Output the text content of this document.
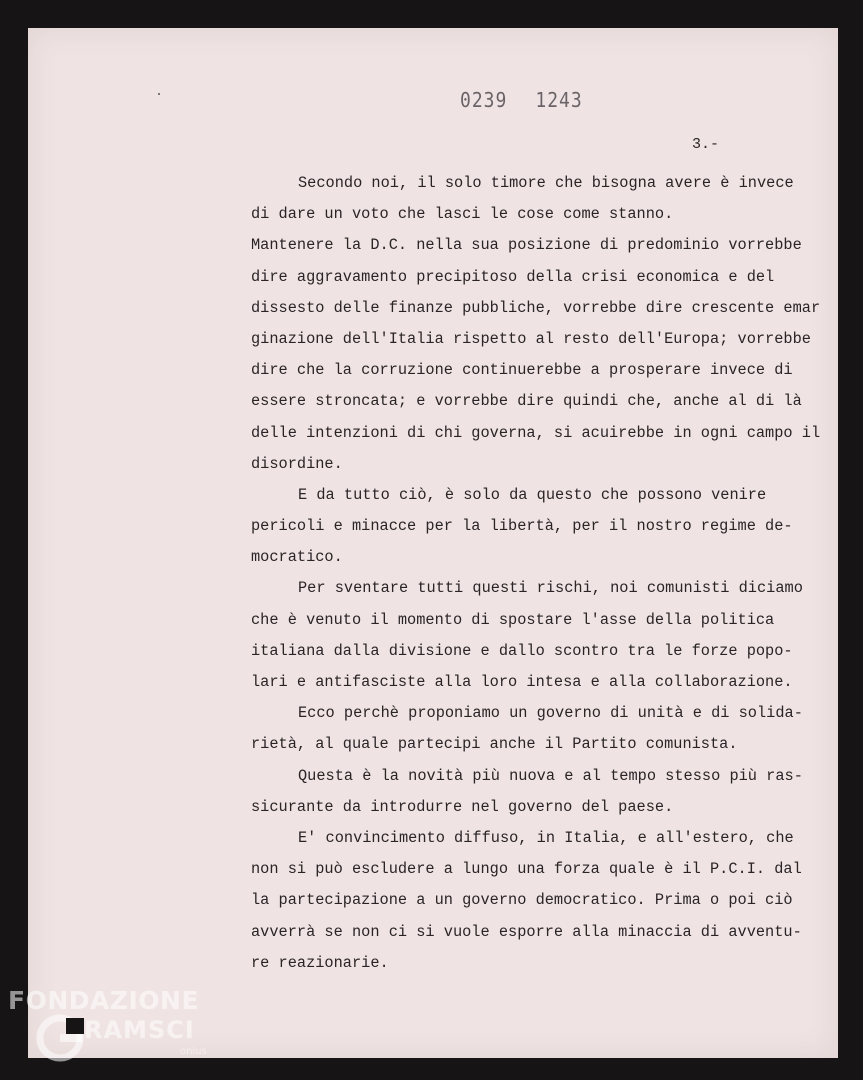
0239 1243
3.-
Secondo noi, il solo timore che bisogna avere è invece
di dare un voto che lasci le cose come stanno.
Mantenere la D.C. nella sua posizione di predominio vorrebbe
dire aggravamento precipitoso della crisi economica e del
dissesto delle finanze pubbliche, vorrebbe dire crescente emar
ginazione dell'Italia rispetto al resto dell'Europa; vorrebbe
dire che la corruzione continuerebbe a prosperare invece di
essere stroncata; e vorrebbe dire quindi che, anche al di là
delle intenzioni di chi governa, si acuirebbe in ogni campo il
disordine.
E da tutto ciò, è solo da questo che possono venire
pericoli e minacce per la libertà, per il nostro regime de-
mocratico.
Per sventare tutti questi rischi, noi comunisti diciamo
che è venuto il momento di spostare l'asse della politica
italiana dalla divisione e dallo scontro tra le forze popo-
lari e antifasciste alla loro intesa e alla collaborazione.
Ecco perchè proponiamo un governo di unità e di solida-
rietà, al quale partecipi anche il Partito comunista.
Questa è la novità più nuova e al tempo stesso più ras-
sicurante da introdurre nel governo del paese.
E' convincimento diffuso, in Italia, e all'estero, che
non si può escludere a lungo una forza quale è il P.C.I. dal
la partecipazione a un governo democratico. Prima o poi ciò
avverrà se non ci si vuole esporre alla minaccia di avventu-
re reazionarie.
FONDAZIONE
RAMSCI
onlus
